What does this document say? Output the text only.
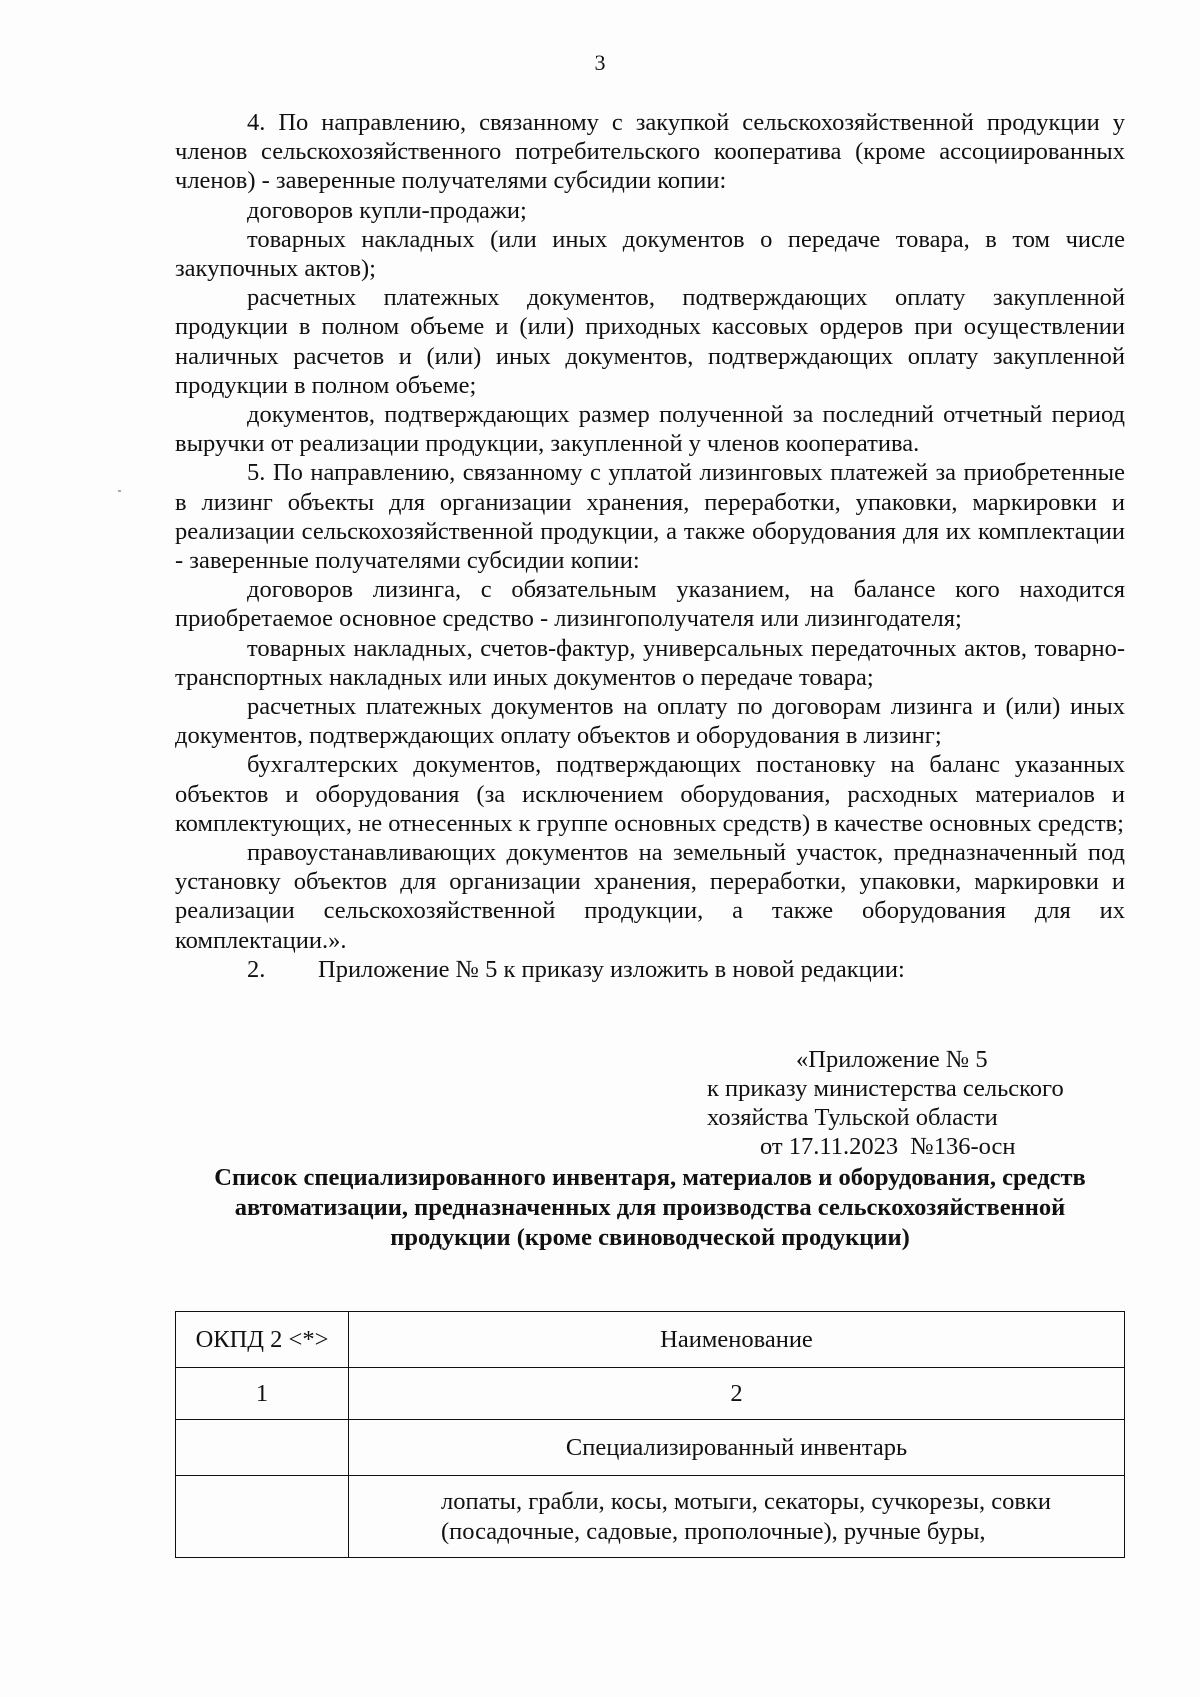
3

4. По направлению, связанному с закупкой сельскохозяйственной продукции у членов сельскохозяйственного потребительского кооператива (кроме ассоциированных членов) - заверенные получателями субсидии копии:

договоров купли-продажи;

товарных накладных (или иных документов о передаче товара, в том числе закупочных актов);

расчетных платежных документов, подтверждающих оплату закупленной продукции в полном объеме и (или) приходных кассовых ордеров при осуществлении наличных расчетов и (или) иных документов, подтверждающих оплату закупленной продукции в полном объеме;

документов, подтверждающих размер полученной за последний отчетный период выручки от реализации продукции, закупленной у членов кооператива.

5. По направлению, связанному с уплатой лизинговых платежей за приобретенные в лизинг объекты для организации хранения, переработки, упаковки, маркировки и реализации сельскохозяйственной продукции, а также оборудования для их комплектации - заверенные получателями субсидии копии:

договоров лизинга, с обязательным указанием, на балансе кого находится приобретаемое основное средство - лизингополучателя или лизингодателя;

товарных накладных, счетов-фактур, универсальных передаточных актов, товарно-транспортных накладных или иных документов о передаче товара;

расчетных платежных документов на оплату по договорам лизинга и (или) иных документов, подтверждающих оплату объектов и оборудования в лизинг;

бухгалтерских документов, подтверждающих постановку на баланс указанных объектов и оборудования (за исключением оборудования, расходных материалов и комплектующих, не отнесенных к группе основных средств) в качестве основных средств;

правоустанавливающих документов на земельный участок, предназначенный под установку объектов для организации хранения, переработки, упаковки, маркировки и реализации сельскохозяйственной продукции, а также оборудования для их комплектации.».

2. Приложение № 5 к приказу изложить в новой редакции:
«Приложение № 5
к приказу министерства сельского
хозяйства Тульской области
от 17.11.2023  №136-осн
Список специализированного инвентаря, материалов и оборудования, средств автоматизации, предназначенных для производства сельскохозяйственной продукции (кроме свиноводческой продукции)
ОКПД 2 <*>	Наименование
1	2
	Специализированный инвентарь
	лопаты, грабли, косы, мотыги, секаторы, сучкорезы, совки (посадочные, садовые, прополочные), ручные буры,
